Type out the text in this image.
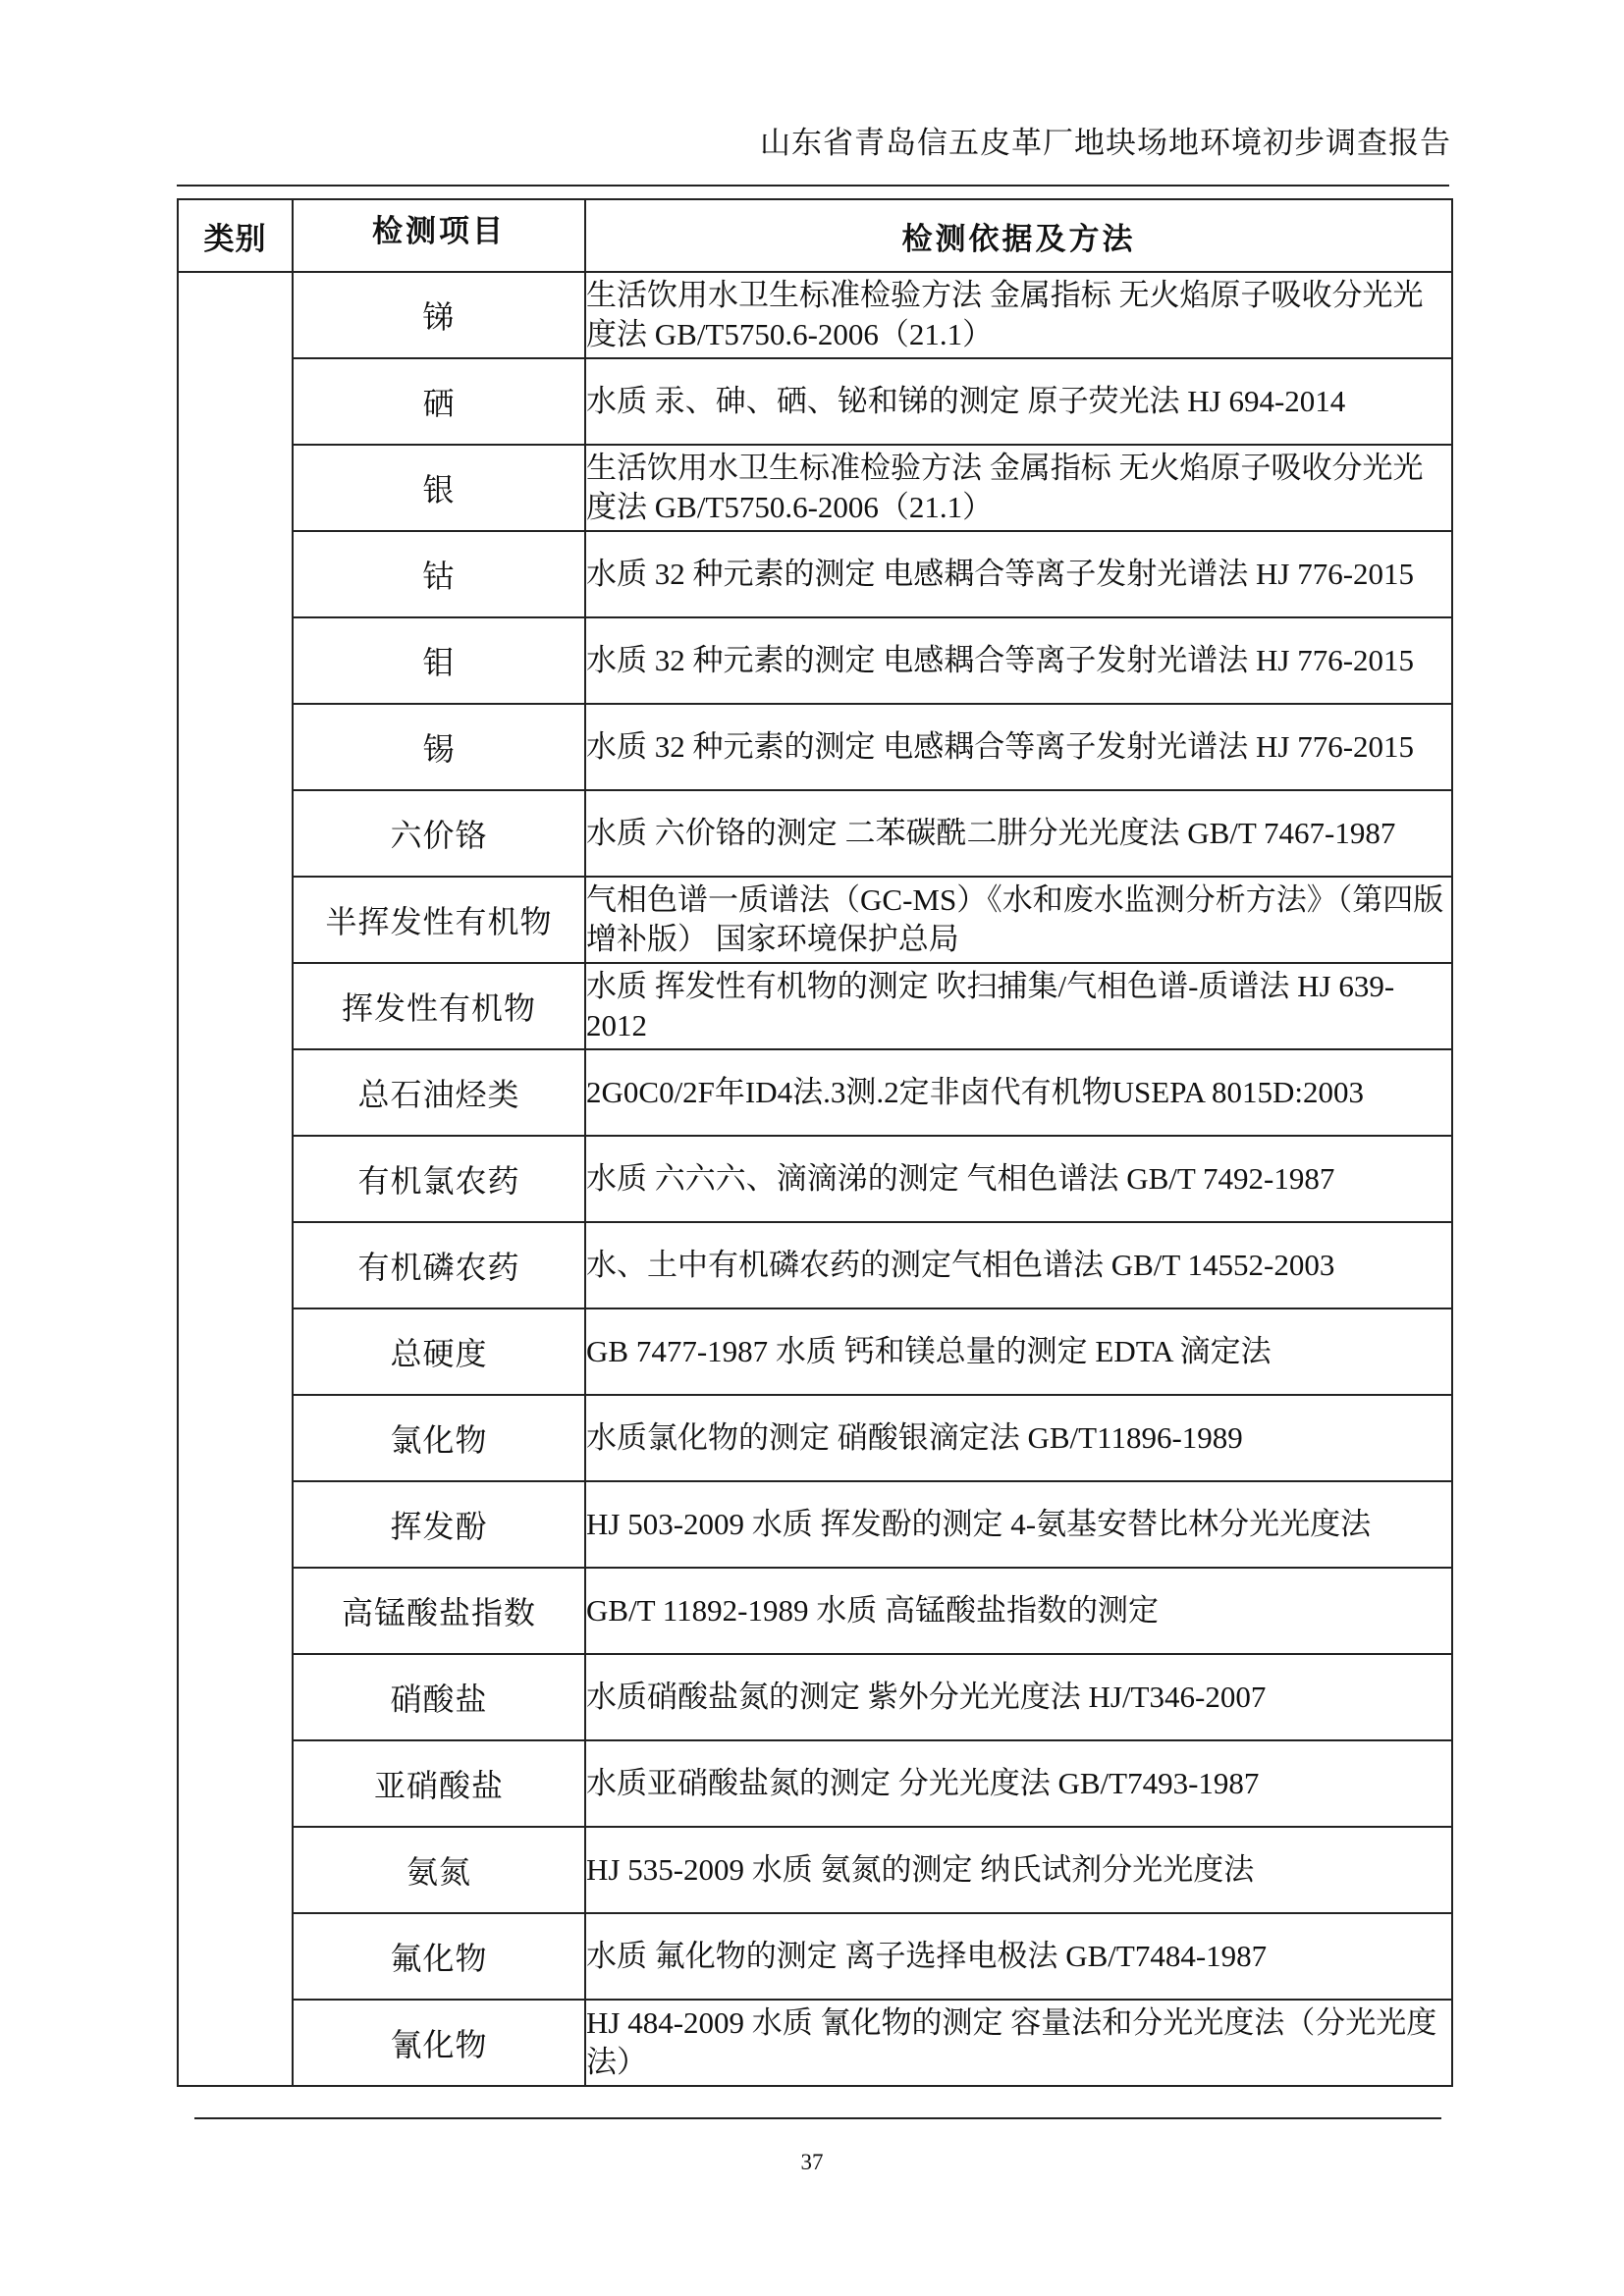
山东省青岛信五皮革厂地块场地环境初步调查报告
类别	检测项目	检测依据及方法
	锑	生活饮用水卫生标准检验方法 金属指标 无火焰原子吸收分光光度法 GB/T5750.6-2006（21.1）
	硒	水质 汞、砷、硒、铋和锑的测定 原子荧光法 HJ 694-2014
	银	生活饮用水卫生标准检验方法 金属指标 无火焰原子吸收分光光度法 GB/T5750.6-2006（21.1）
	钴	水质 32 种元素的测定 电感耦合等离子发射光谱法 HJ 776-2015
	钼	水质 32 种元素的测定 电感耦合等离子发射光谱法 HJ 776-2015
	锡	水质 32 种元素的测定 电感耦合等离子发射光谱法 HJ 776-2015
	六价铬	水质 六价铬的测定 二苯碳酰二肼分光光度法 GB/T 7467-1987
	半挥发性有机物	气相色谱一质谱法（GC-MS）《水和废水监测分析方法》（第四版增补版） 国家环境保护总局
	挥发性有机物	水质 挥发性有机物的测定 吹扫捕集/气相色谱-质谱法 HJ 639-2012
	总石油烃类	2G0C0/2F年ID4法.3测.2定非卤代有机物USEPA 8015D:2003
	有机氯农药	水质 六六六、滴滴涕的测定 气相色谱法 GB/T 7492-1987
	有机磷农药	水、土中有机磷农药的测定气相色谱法 GB/T 14552-2003
	总硬度	GB 7477-1987 水质 钙和镁总量的测定 EDTA 滴定法
	氯化物	水质氯化物的测定 硝酸银滴定法 GB/T11896-1989
	挥发酚	HJ 503-2009 水质 挥发酚的测定 4-氨基安替比林分光光度法
	高锰酸盐指数	GB/T 11892-1989 水质 高锰酸盐指数的测定
	硝酸盐	水质硝酸盐氮的测定 紫外分光光度法 HJ/T346-2007
	亚硝酸盐	水质亚硝酸盐氮的测定 分光光度法 GB/T7493-1987
	氨氮	HJ 535-2009 水质 氨氮的测定 纳氏试剂分光光度法
	氟化物	水质 氟化物的测定 离子选择电极法 GB/T7484-1987
	氰化物	HJ 484-2009 水质 氰化物的测定 容量法和分光光度法（分光光度法）
37
